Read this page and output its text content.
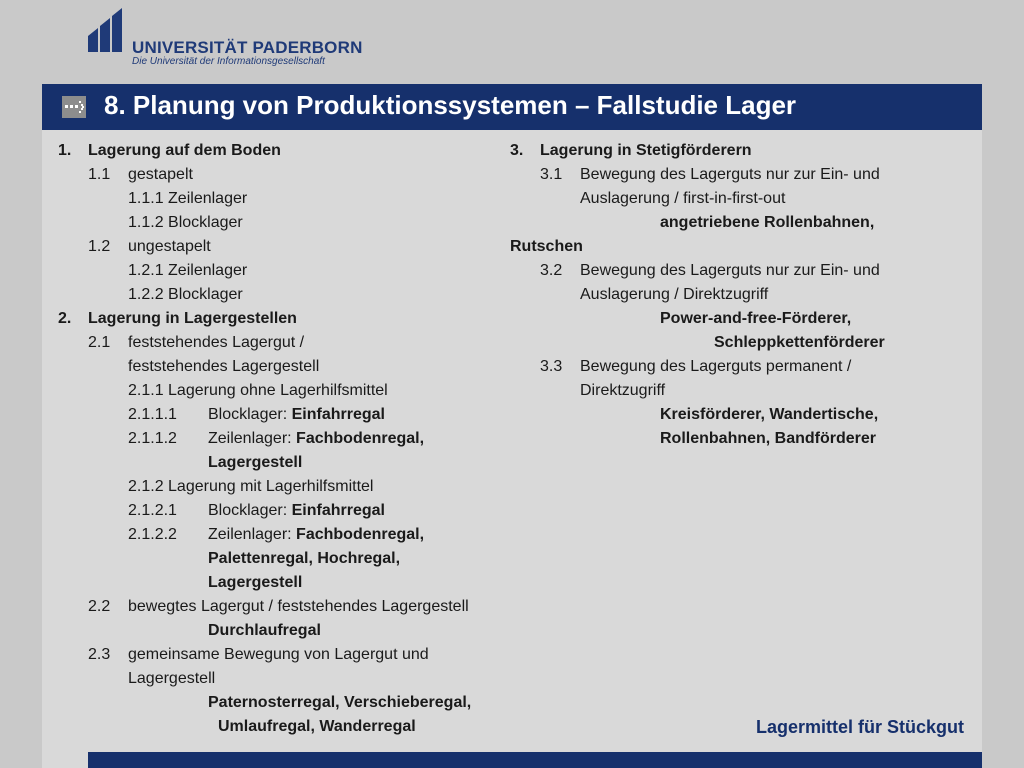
UNIVERSITÄT PADERBORN
Die Universität der Informationsgesellschaft
8. Planung von Produktionssystemen – Fallstudie Lager
1. Lagerung auf dem Boden
1.1 gestapelt
1.1.1 Zeilenlager
1.1.2 Blocklager
1.2 ungestapelt
1.2.1 Zeilenlager
1.2.2 Blocklager
2. Lagerung in Lagergestellen
2.1 feststehendes Lagergut /
feststehendes Lagergestell
2.1.1 Lagerung ohne Lagerhilfsmittel
2.1.1.1 Blocklager: Einfahrregal
2.1.1.2 Zeilenlager: Fachbodenregal,
Lagergestell
2.1.2 Lagerung mit Lagerhilfsmittel
2.1.2.1 Blocklager: Einfahrregal
2.1.2.2 Zeilenlager: Fachbodenregal,
Palettenregal, Hochregal,
Lagergestell
2.2 bewegtes Lagergut / feststehendes Lagergestell
Durchlaufregal
2.3 gemeinsame Bewegung von Lagergut und
Lagergestell
Paternosterregal, Verschieberegal,
Umlaufregal, Wanderregal
3. Lagerung in Stetigförderern
3.1 Bewegung des Lagerguts nur zur Ein- und
Auslagerung / first-in-first-out
angetriebene Rollenbahnen,
Rutschen
3.2 Bewegung des Lagerguts nur zur Ein- und
Auslagerung / Direktzugriff
Power-and-free-Förderer,
Schleppkettenförderer
3.3 Bewegung des Lagerguts permanent /
Direktzugriff
Kreisförderer, Wandertische,
Rollenbahnen, Bandförderer
Lagermittel für Stückgut
